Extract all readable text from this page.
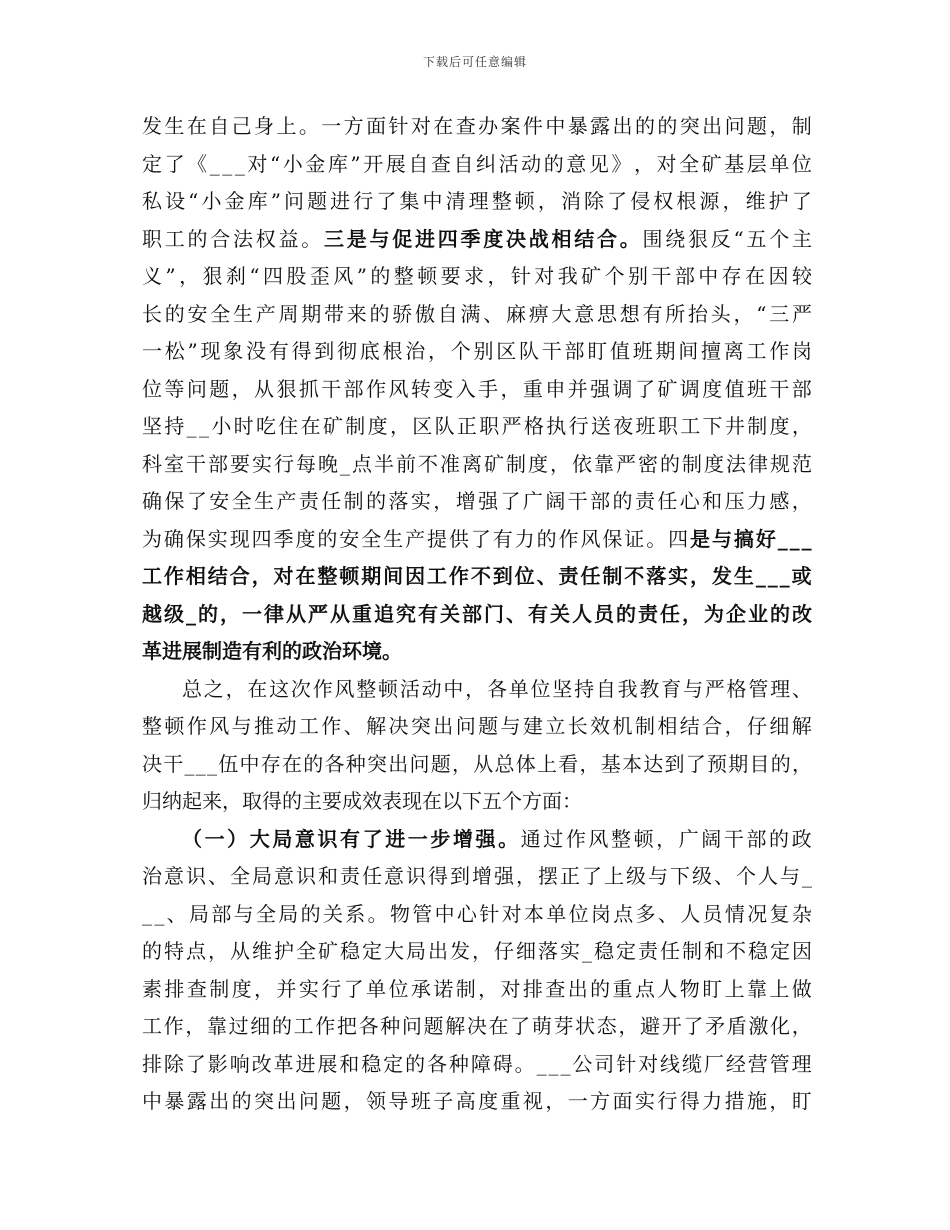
下载后可任意编辑
发 生 在 自 己 身 上 。 一 方 面 针 对 在 查 办 案 件 中 暴 露 出 的 的 突 出 问 题 ， 制
定 了 《 _ _ _ 对 “ 小 金 库 ” 开 展 自 查 自 纠 活 动 的 意 见 》 ， 对 全 矿 基 层 单 位
私 设 “ 小 金 库 ” 问 题 进 行 了 集 中 清 理 整 顿 ， 消 除 了 侵 权 根 源 ， 维 护 了
职 工 的 合 法 权 益 。 三 是 与 促 进 四 季 度 决 战 相 结 合 。 围 绕 狠 反 “ 五 个 主
义 ” ， 狠 刹 “ 四 股 歪 风 ” 的 整 顿 要 求 ， 针 对 我 矿 个 别 干 部 中 存 在 因 较
长 的 安 全 生 产 周 期 带 来 的 骄 傲 自 满 、 麻 痹 大 意 思 想 有 所 抬 头 ， “ 三 严
一 松 ” 现 象 没 有 得 到 彻 底 根 治 ， 个 别 区 队 干 部 盯 值 班 期 间 擅 离 工 作 岗
位 等 问 题 ， 从 狠 抓 干 部 作 风 转 变 入 手 ， 重 申 并 强 调 了 矿 调 度 值 班 干 部
坚 持 _ _ 小 时 吃 住 在 矿 制 度 ， 区 队 正 职 严 格 执 行 送 夜 班 职 工 下 井 制 度 ，
科 室 干 部 要 实 行 每 晚 _ 点 半 前 不 准 离 矿 制 度 ， 依 靠 严 密 的 制 度 法 律 规 范
确 保 了 安 全 生 产 责 任 制 的 落 实 ， 增 强 了 广 阔 干 部 的 责 任 心 和 压 力 感 ，
为 确 保 实 现 四 季 度 的 安 全 生 产 提 供 了 有 力 的 作 风 保 证 。 四 是 与 搞 好 _ _ _
工 作 相 结 合 ， 对 在 整 顿 期 间 因 工 作 不 到 位 、 责 任 制 不 落 实 ， 发 生 _ _ _ 或
越 级 _ 的 ， 一 律 从 严 从 重 追 究 有 关 部 门 、 有 关 人 员 的 责 任 ， 为 企 业 的 改
革 进 展 制 造 有 利 的 政 治 环 境 。
总 之 ， 在 这 次 作 风 整 顿 活 动 中 ， 各 单 位 坚 持 自 我 教 育 与 严 格 管 理 、
整 顿 作 风 与 推 动 工 作 、 解 决 突 出 问 题 与 建 立 长 效 机 制 相 结 合 ， 仔 细 解
决 干 _ _ _ 伍 中 存 在 的 各 种 突 出 问 题 ， 从 总 体 上 看 ， 基 本 达 到 了 预 期 目 的 ，
归 纳 起 来 ， 取 得 的 主 要 成 效 表 现 在 以 下 五 个 方 面 ：
（ 一 ） 大 局 意 识 有 了 进 一 步 增 强 。 通 过 作 风 整 顿 ， 广 阔 干 部 的 政
治 意 识 、 全 局 意 识 和 责 任 意 识 得 到 增 强 ， 摆 正 了 上 级 与 下 级 、 个 人 与 _
_ _ 、 局 部 与 全 局 的 关 系 。 物 管 中 心 针 对 本 单 位 岗 点 多 、 人 员 情 况 复 杂
的 特 点 ， 从 维 护 全 矿 稳 定 大 局 出 发 ， 仔 细 落 实 _ 稳 定 责 任 制 和 不 稳 定 因
素 排 查 制 度 ， 并 实 行 了 单 位 承 诺 制 ， 对 排 查 出 的 重 点 人 物 盯 上 靠 上 做
工 作 ， 靠 过 细 的 工 作 把 各 种 问 题 解 决 在 了 萌 芽 状 态 ， 避 开 了 矛 盾 激 化 ，
排 除 了 影 响 改 革 进 展 和 稳 定 的 各 种 障 碍 。 _ _ _ 公 司 针 对 线 缆 厂 经 营 管 理
中 暴 露 出 的 突 出 问 题 ， 领 导 班 子 高 度 重 视 ， 一 方 面 实 行 得 力 措 施 ， 盯
